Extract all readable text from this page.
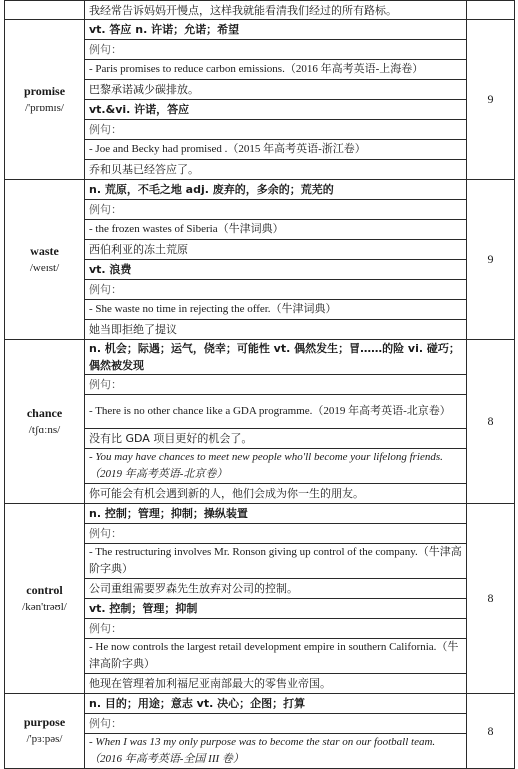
	我经常告诉妈妈开慢点，这样我就能看清我们经过的所有路标。	

promise
/'prɒmɪs/	vt. 答应 n. 许诺；允诺；希望	9
	例句：	
	- Paris promises to reduce carbon emissions.（2016 年高考英语-上海卷）	
	巴黎承诺减少碳排放。	
	vt.&vi. 许诺，答应	
	例句：	
	- Joe and Becky had promised .（2015 年高考英语-浙江卷）	
	乔和贝基已经答应了。	

waste
/weɪst/	n. 荒原，不毛之地 adj. 废弃的，多余的；荒芜的	9
	例句：	
	- the frozen wastes of Siberia（牛津词典）	
	西伯利亚的冻土荒原	
	vt. 浪费	
	例句：	
	- She waste no time in rejecting the offer.（牛津词典）	
	她当即拒绝了提议	

chance
/tʃɑːns/	n. 机会；际遇；运气，侥幸；可能性 vt. 偶然发生；冒……的险 vi. 碰巧；偶然被发现	8
	例句：	
	- There is no other chance like a GDA programme.（2019 年高考英语-北京卷）	
	没有比 GDA 项目更好的机会了。	
	- You may have chances to meet new people who'll become your lifelong friends.（2019 年高考英语-北京卷）	
	你可能会有机会遇到新的人，他们会成为你一生的朋友。	

control
/kən'trəʊl/	n. 控制；管理；抑制；操纵装置	8
	例句：	
	- The restructuring involves Mr. Ronson giving up control of the company.（牛津高阶字典）	
	公司重组需要罗森先生放弃对公司的控制。	
	vt. 控制；管理；抑制	
	例句：	
	- He now controls the largest retail development empire in southern California.（牛津高阶字典）	
	他现在管理着加利福尼亚南部最大的零售业帝国。	

purpose
/'pɜːpəs/	n. 目的；用途；意志 vt. 决心；企图；打算	8
	例句：	
	- When I was 13 my only purpose was to become the star on our football team.（2016 年高考英语-全国 III 卷）	
